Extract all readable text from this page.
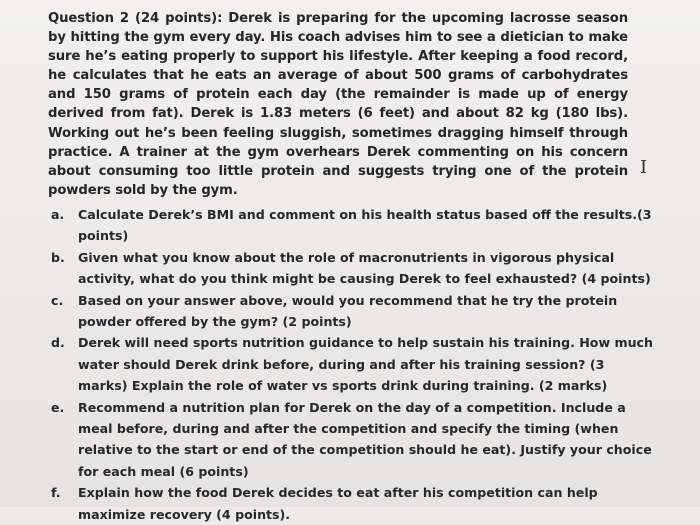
Question 2 (24 points): Derek is preparing for the upcoming lacrosse season by hitting the gym every day. His coach advises him to see a dietician to make sure he’s eating properly to support his lifestyle. After keeping a food record, he calculates that he eats an average of about 500 grams of carbohydrates and 150 grams of protein each day (the remainder is made up of energy derived from fat). Derek is 1.83 meters (6 feet) and about 82 kg (180 lbs). Working out he’s been feeling sluggish, sometimes dragging himself through practice. A trainer at the gym overhears Derek commenting on his concern about consuming too little protein and suggests trying one of the protein powders sold by the gym.
I
a.	Calculate Derek’s BMI and comment on his health status based off the results.(3 points)
b.	Given what you know about the role of macronutrients in vigorous physical activity, what do you think might be causing Derek to feel exhausted? (4 points)
c.	Based on your answer above, would you recommend that he try the protein powder offered by the gym? (2 points)
d.	Derek will need sports nutrition guidance to help sustain his training. How much water should Derek drink before, during and after his training session? (3 marks) Explain the role of water vs sports drink during training. (2 marks)
e.	Recommend a nutrition plan for Derek on the day of a competition. Include a meal before, during and after the competition and specify the timing (when relative to the start or end of the competition should he eat). Justify your choice for each meal (6 points)
f.	Explain how the food Derek decides to eat after his competition can help maximize recovery (4 points).
